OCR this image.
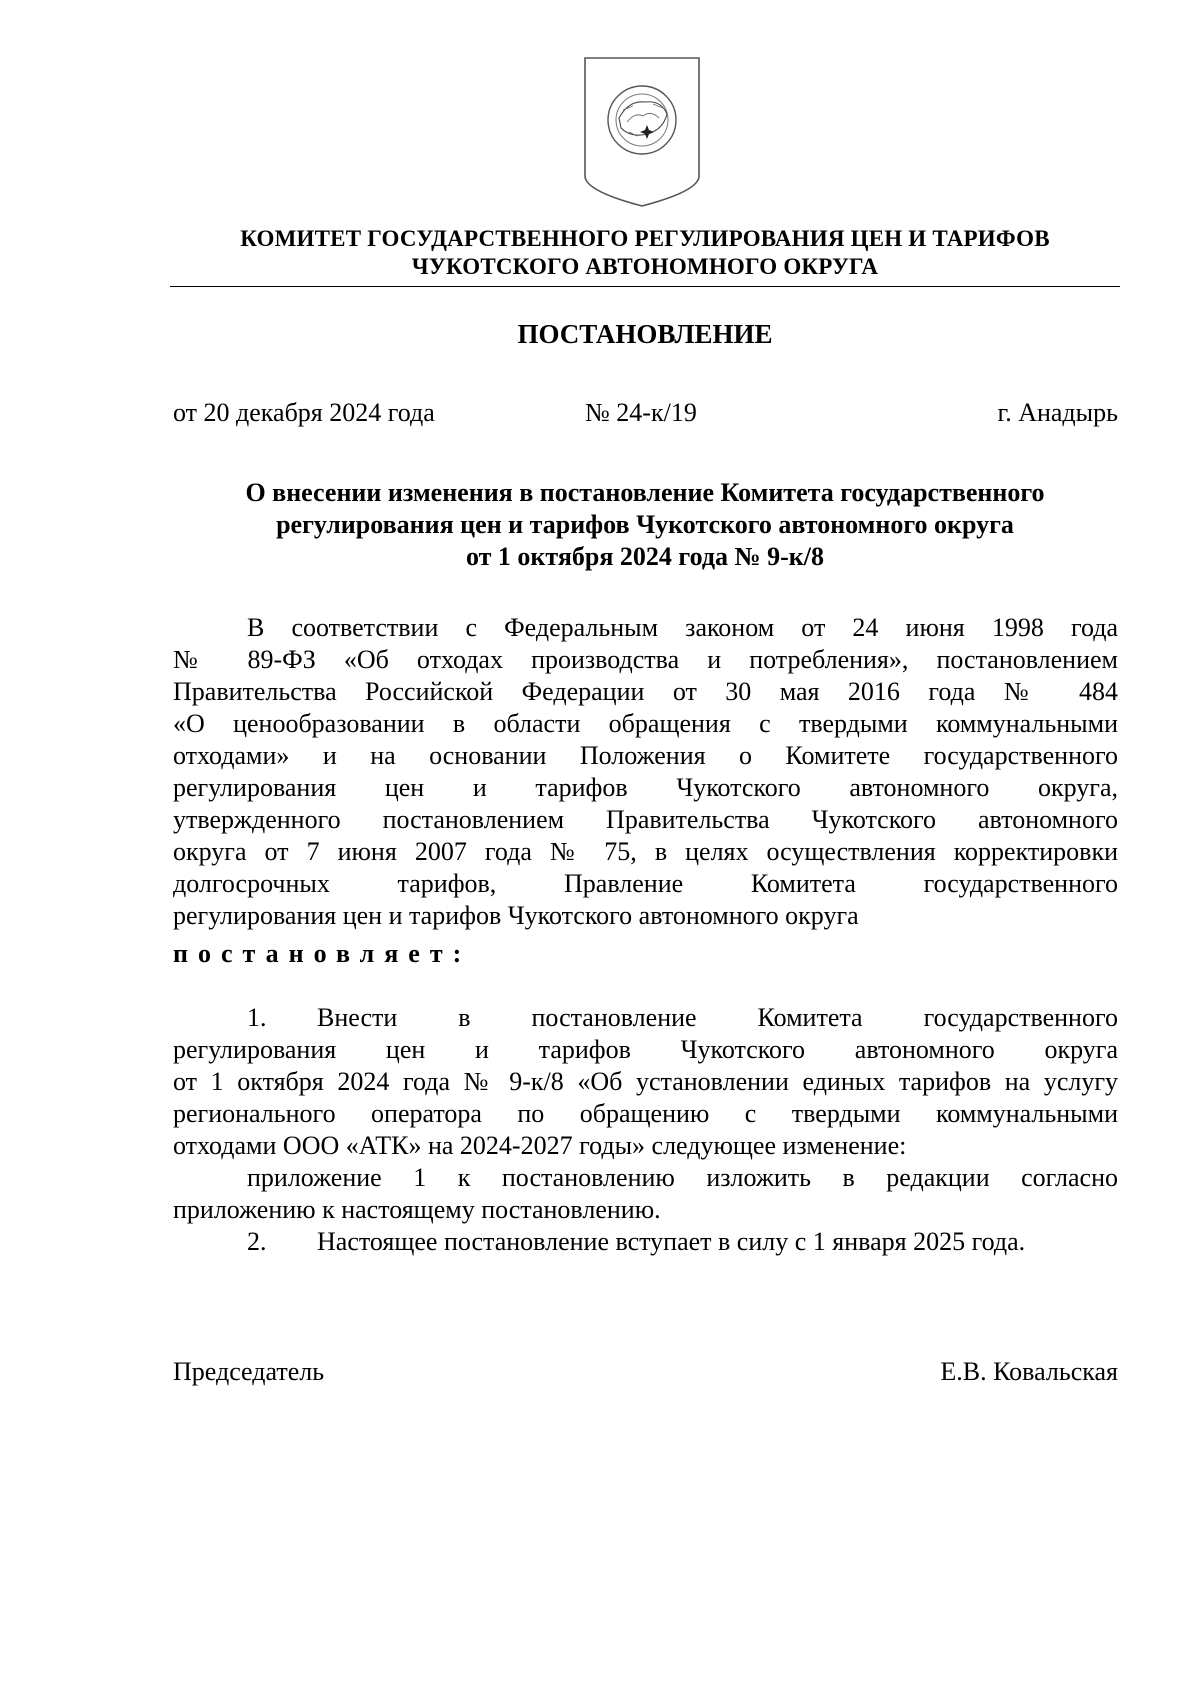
КОМИТЕТ ГОСУДАРСТВЕННОГО РЕГУЛИРОВАНИЯ ЦЕН И ТАРИФОВ
ЧУКОТСКОГО АВТОНОМНОГО ОКРУГА
ПОСТАНОВЛЕНИЕ
от 20 декабря 2024 года	№ 24-к/19	г. Анадырь
О внесении изменения в постановление Комитета государственного
регулирования цен и тарифов Чукотского автономного округа
от 1 октября 2024 года № 9-к/8
В соответствии с Федеральным законом от 24 июня 1998 года
№ 89-ФЗ «Об отходах производства и потребления», постановлением
Правительства Российской Федерации от 30 мая 2016 года № 484
«О ценообразовании в области обращения с твердыми коммунальными
отходами» и на основании Положения о Комитете государственного
регулирования цен и тарифов Чукотского автономного округа,
утвержденного постановлением Правительства Чукотского автономного
округа от 7 июня 2007 года № 75, в целях осуществления корректировки
долгосрочных тарифов, Правление Комитета государственного
регулирования цен и тарифов Чукотского автономного округа
постановляет:
1. Внести в постановление Комитета государственного
регулирования цен и тарифов Чукотского автономного округа
от 1 октября 2024 года № 9-к/8 «Об установлении единых тарифов на услугу
регионального оператора по обращению с твердыми коммунальными
отходами ООО «АТК» на 2024-2027 годы» следующее изменение:
приложение 1 к постановлению изложить в редакции согласно
приложению к настоящему постановлению.
2. Настоящее постановление вступает в силу с 1 января 2025 года.
Председатель	Е.В. Ковальская
